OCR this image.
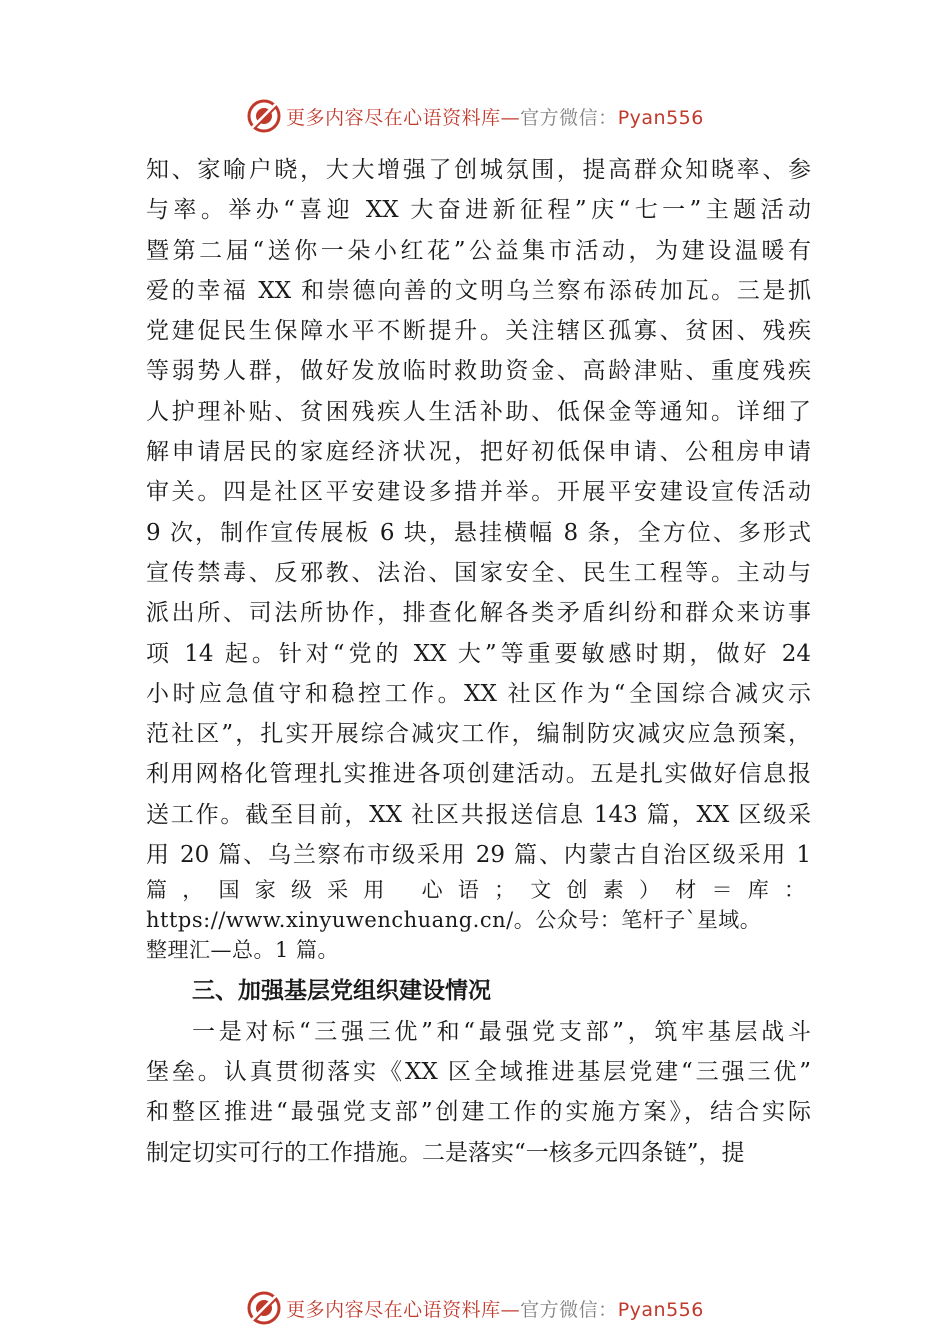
更多内容尽在心语资料库—官方微信：Pyan556
知、家喻户晓，大大增强了创城氛围，提高群众知晓率、参
与率。举办“喜迎 XX 大奋进新征程”庆“七一”主题活动
暨第二届“送你一朵小红花”公益集市活动，为建设温暖有
爱的幸福 XX 和崇德向善的文明乌兰察布添砖加瓦。三是抓
党建促民生保障水平不断提升。关注辖区孤寡、贫困、残疾
等弱势人群，做好发放临时救助资金、高龄津贴、重度残疾
人护理补贴、贫困残疾人生活补助、低保金等通知。详细了
解申请居民的家庭经济状况，把好初低保申请、公租房申请
审关。四是社区平安建设多措并举。开展平安建设宣传活动
9 次，制作宣传展板 6 块，悬挂横幅 8 条，全方位、多形式
宣传禁毒、反邪教、法治、国家安全、民生工程等。主动与
派出所、司法所协作，排查化解各类矛盾纠纷和群众来访事
项 14 起。针对“党的 XX 大”等重要敏感时期，做好 24
小时应急值守和稳控工作。XX 社区作为“全国综合减灾示
范社区”，扎实开展综合减灾工作，编制防灾减灾应急预案，
利用网格化管理扎实推进各项创建活动。五是扎实做好信息报
送工作。截至目前，XX 社区共报送信息 143 篇，XX 区级采
用 20 篇、乌兰察布市级采用 29 篇、内蒙古自治区级采用 1
篇，国家级采用 心语；文创素）材＝库：
https://www.xinyuwenchuang.cn/。公众号：笔杆子`星域。
整理汇—总。1 篇。
三、加强基层党组织建设情况
一是对标“三强三优”和“最强党支部”，筑牢基层战斗
堡垒。认真贯彻落实《XX 区全域推进基层党建“三强三优”
和整区推进“最强党支部”创建工作的实施方案》，结合实际
制定切实可行的工作措施。二是落实“一核多元四条链”，提
更多内容尽在心语资料库—官方微信：Pyan556
